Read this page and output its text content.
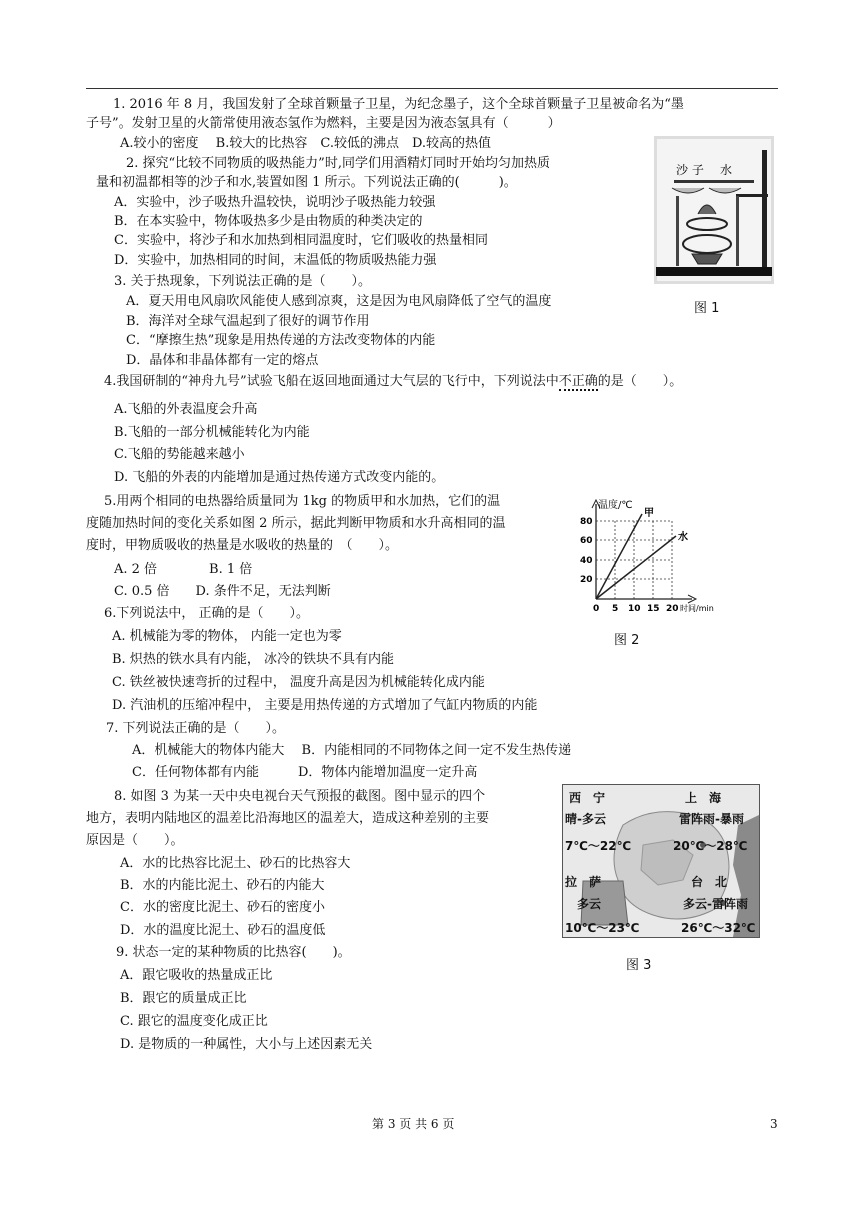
1. 2016 年 8 月，我国发射了全球首颗量子卫星，为纪念墨子，这个全球首颗量子卫星被命名为“墨
子号”。发射卫星的火箭常使用液态氢作为燃料，主要是因为液态氢具有（　　　）
A.较小的密度　 B.较大的比热容　C.较低的沸点　D.较高的热值
2. 探究“比较不同物质的吸热能力”时,同学们用酒精灯同时开始均匀加热质
量和初温都相等的沙子和水,装置如图 1 所示。下列说法正确的(　　　)。
A．实验中，沙子吸热升温较快，说明沙子吸热能力较强
B．在本实验中，物体吸热多少是由物质的种类决定的
C．实验中，将沙子和水加热到相同温度时，它们吸收的热量相同
D．实验中，加热相同的时间，末温低的物质吸热能力强
沙 子 水
图 1
3. 关于热现象，下列说法正确的是（　　）。
A．夏天用电风扇吹风能使人感到凉爽，这是因为电风扇降低了空气的温度
B．海洋对全球气温起到了很好的调节作用
C．“摩擦生热”现象是用热传递的方法改变物体的内能
D．晶体和非晶体都有一定的熔点
4.我国研制的“神舟九号”试验飞船在返回地面通过大气层的飞行中，下列说法中不正确的是（　　）。
A.飞船的外表温度会升高
B.飞船的一部分机械能转化为内能
C.飞船的势能越来越小
D. 飞船的外表的内能增加是通过热传递方式改变内能的。
5.用两个相同的电热器给质量同为 1kg 的物质甲和水加热，它们的温
度随加热时间的变化关系如图 2 所示，据此判断甲物质和水升高相同的温
度时，甲物质吸收的热量是水吸收的热量的　（　　）。
A. 2 倍　　　　B. 1 倍
C. 0.5 倍　　D. 条件不足，无法判断
温度/℃
甲
水
80
60
40
20
0 5 10 15 20 时间/min
图 2
6.下列说法中， 正确的是（　　）。
A. 机械能为零的物体， 内能一定也为零
B. 炽热的铁水具有内能， 冰冷的铁块不具有内能
C. 铁丝被快速弯折的过程中， 温度升高是因为机械能转化成内能
D. 汽油机的压缩冲程中， 主要是用热传递的方式增加了气缸内物质的内能
7. 下列说法正确的是（　　）。
A．机械能大的物体内能大　 B．内能相同的不同物体之间一定不发生热传递
C．任何物体都有内能　　　D．物体内能增加温度一定升高
8. 如图 3 为某一天中央电视台天气预报的截图。图中显示的四个
地方，表明内陆地区的温差比沿海地区的温差大，造成这种差别的主要
原因是（　　）。
A．水的比热容比泥土、砂石的比热容大
B．水的内能比泥土、砂石的内能大
C．水的密度比泥土、砂石的密度小
D．水的温度比泥土、砂石的温度低
西　宁
晴-多云
7℃～22℃
上　海
雷阵雨-暴雨
20℃～28℃
拉　萨
多云
10℃～23℃
台　北
多云-雷阵雨
26℃～32℃
图 3
9. 状态一定的某种物质的比热容(　　)。
A．跟它吸收的热量成正比
B．跟它的质量成正比
C. 跟它的温度变化成正比
D. 是物质的一种属性，大小与上述因素无关
第 3 页 共 6 页	3
